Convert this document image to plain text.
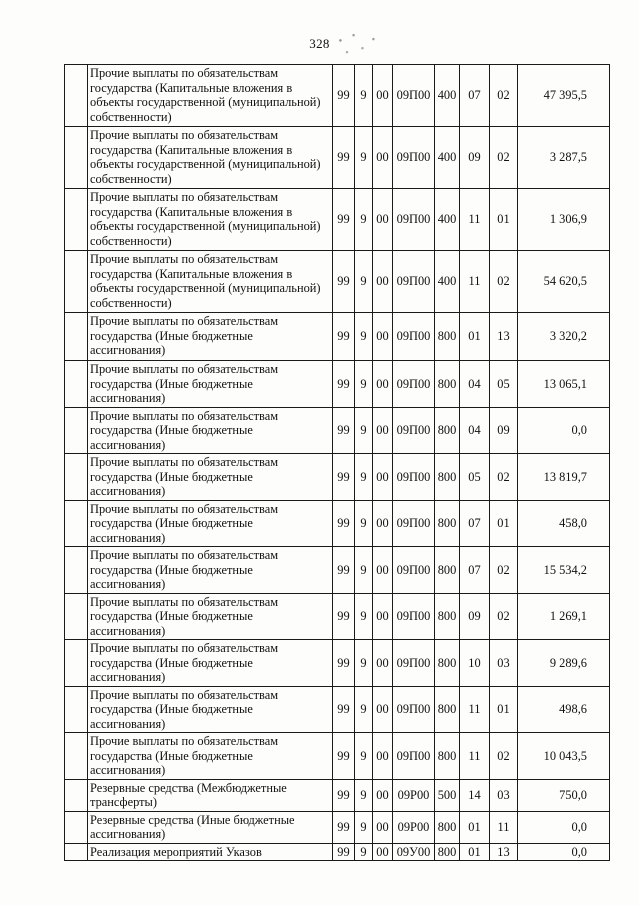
328
	Прочие выплаты по обязательствам государства (Капитальные вложения в объекты государственной (муниципальной) собственности)	99	9	00	09П00	400	07	02	47 395,5
	Прочие выплаты по обязательствам государства (Капитальные вложения в объекты государственной (муниципальной) собственности)	99	9	00	09П00	400	09	02	3 287,5
	Прочие выплаты по обязательствам государства (Капитальные вложения в объекты государственной (муниципальной) собственности)	99	9	00	09П00	400	11	01	1 306,9
	Прочие выплаты по обязательствам государства (Капитальные вложения в объекты государственной (муниципальной) собственности)	99	9	00	09П00	400	11	02	54 620,5
	Прочие выплаты по обязательствам государства (Иные бюджетные ассигнования)	99	9	00	09П00	800	01	13	3 320,2
	Прочие выплаты по обязательствам государства (Иные бюджетные ассигнования)	99	9	00	09П00	800	04	05	13 065,1
	Прочие выплаты по обязательствам государства (Иные бюджетные ассигнования)	99	9	00	09П00	800	04	09	0,0
	Прочие выплаты по обязательствам государства (Иные бюджетные ассигнования)	99	9	00	09П00	800	05	02	13 819,7
	Прочие выплаты по обязательствам государства (Иные бюджетные ассигнования)	99	9	00	09П00	800	07	01	458,0
	Прочие выплаты по обязательствам государства (Иные бюджетные ассигнования)	99	9	00	09П00	800	07	02	15 534,2
	Прочие выплаты по обязательствам государства (Иные бюджетные ассигнования)	99	9	00	09П00	800	09	02	1 269,1
	Прочие выплаты по обязательствам государства (Иные бюджетные ассигнования)	99	9	00	09П00	800	10	03	9 289,6
	Прочие выплаты по обязательствам государства (Иные бюджетные ассигнования)	99	9	00	09П00	800	11	01	498,6
	Прочие выплаты по обязательствам государства (Иные бюджетные ассигнования)	99	9	00	09П00	800	11	02	10 043,5
	Резервные средства (Межбюджетные трансферты)	99	9	00	09Р00	500	14	03	750,0
	Резервные средства (Иные бюджетные ассигнования)	99	9	00	09Р00	800	01	11	0,0
	Реализация мероприятий Указов	99	9	00	09У00	800	01	13	0,0
